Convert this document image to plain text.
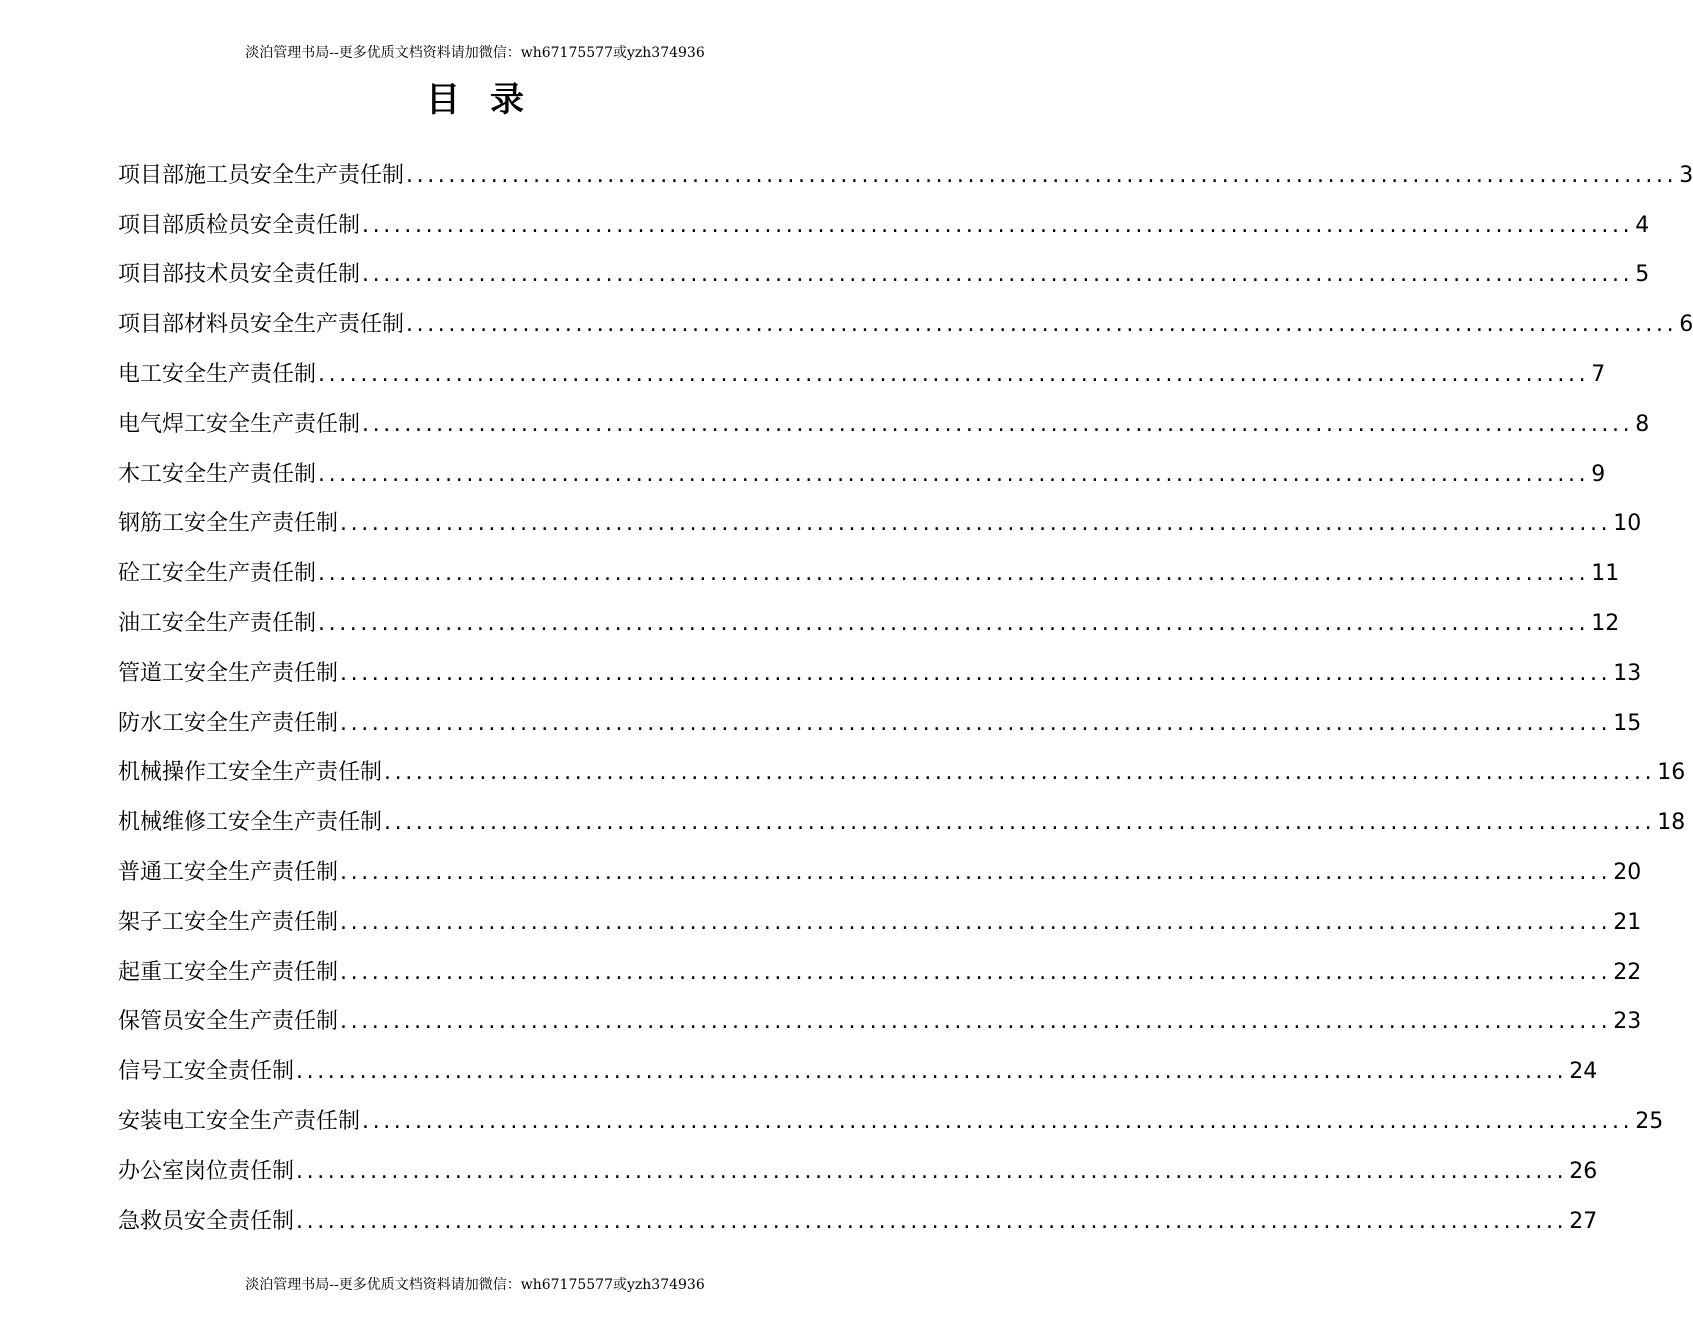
淡泊管理书局--更多优质文档资料请加微信：wh67175577或yzh374936
目录
项目部施工员安全生产责任制 ........................................................................................................................ 3
项目部质检员安全责任制 ........................................................................................................................ 4
项目部技术员安全责任制 ........................................................................................................................ 5
项目部材料员安全生产责任制 ........................................................................................................................ 6
电工安全生产责任制 ........................................................................................................................ 7
电气焊工安全生产责任制 ........................................................................................................................ 8
木工安全生产责任制 ........................................................................................................................ 9
钢筋工安全生产责任制 ........................................................................................................................ 10
砼工安全生产责任制 ........................................................................................................................ 11
油工安全生产责任制 ........................................................................................................................ 12
管道工安全生产责任制 ........................................................................................................................ 13
防水工安全生产责任制 ........................................................................................................................ 15
机械操作工安全生产责任制 ........................................................................................................................ 16
机械维修工安全生产责任制 ........................................................................................................................ 18
普通工安全生产责任制 ........................................................................................................................ 20
架子工安全生产责任制 ........................................................................................................................ 21
起重工安全生产责任制 ........................................................................................................................ 22
保管员安全生产责任制 ........................................................................................................................ 23
信号工安全责任制 ........................................................................................................................ 24
安装电工安全生产责任制 ........................................................................................................................ 25
办公室岗位责任制 ........................................................................................................................ 26
急救员安全责任制 ........................................................................................................................ 27
淡泊管理书局--更多优质文档资料请加微信：wh67175577或yzh374936
